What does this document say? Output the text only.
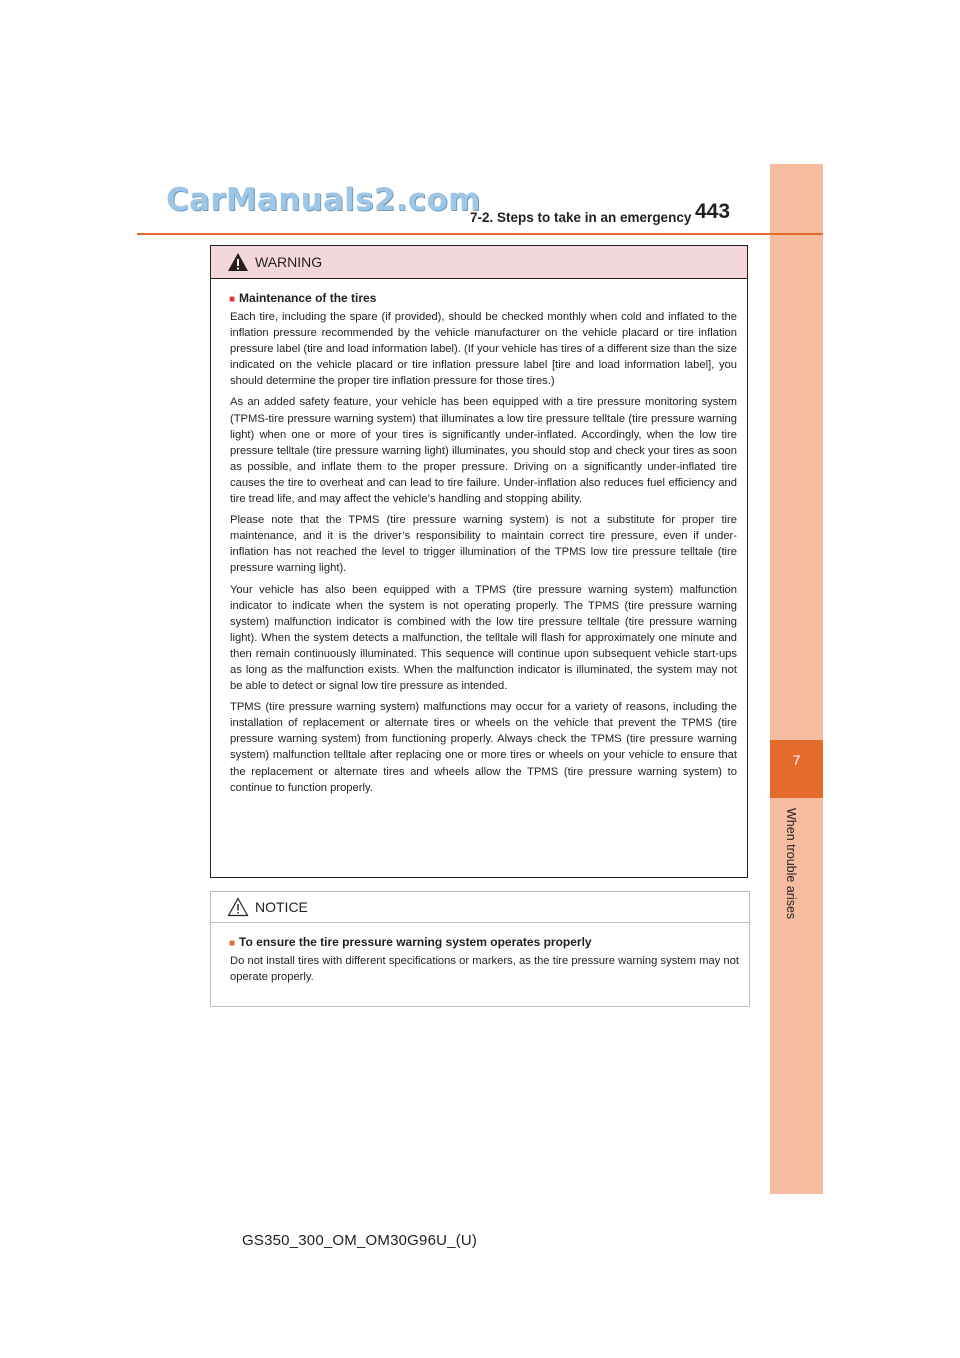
7
When trouble arises
CarManuals2.com
7-2. Steps to take in an emergency 443
WARNING
■ Maintenance of the tires

Each tire, including the spare (if provided), should be checked monthly when cold and inflated to the inflation pressure recommended by the vehicle manufacturer on the vehicle placard or tire inflation pressure label (tire and load information label). (If your vehicle has tires of a different size than the size indicated on the vehicle placard or tire inflation pressure label [tire and load information label], you should determine the proper tire inflation pressure for those tires.)

As an added safety feature, your vehicle has been equipped with a tire pressure monitoring system (TPMS-tire pressure warning system) that illuminates a low tire pressure telltale (tire pressure warning light) when one or more of your tires is significantly under-inflated. Accordingly, when the low tire pressure telltale (tire pressure warning light) illuminates, you should stop and check your tires as soon as possible, and inflate them to the proper pressure. Driving on a significantly under-inflated tire causes the tire to overheat and can lead to tire failure. Under-inflation also reduces fuel efficiency and tire tread life, and may affect the vehicle’s handling and stopping ability.

Please note that the TPMS (tire pressure warning system) is not a substitute for proper tire maintenance, and it is the driver’s responsibility to maintain correct tire pressure, even if under-inflation has not reached the level to trigger illumination of the TPMS low tire pressure telltale (tire pressure warning light).

Your vehicle has also been equipped with a TPMS (tire pressure warning system) malfunction indicator to indicate when the system is not operating properly. The TPMS (tire pressure warning system) malfunction indicator is combined with the low tire pressure telltale (tire pressure warning light). When the system detects a malfunction, the telltale will flash for approximately one minute and then remain continuously illuminated. This sequence will continue upon subsequent vehicle start-ups as long as the malfunction exists. When the malfunction indicator is illuminated, the system may not be able to detect or signal low tire pressure as intended.

TPMS (tire pressure warning system) malfunctions may occur for a variety of reasons, including the installation of replacement or alternate tires or wheels on the vehicle that prevent the TPMS (tire pressure warning system) from functioning properly. Always check the TPMS (tire pressure warning system) malfunction telltale after replacing one or more tires or wheels on your vehicle to ensure that the replacement or alternate tires and wheels allow the TPMS (tire pressure warning system) to continue to function properly.

NOTICE
■ To ensure the tire pressure warning system operates properly

Do not install tires with different specifications or markers, as the tire pressure warning system may not operate properly.

GS350_300_OM_OM30G96U_(U)
